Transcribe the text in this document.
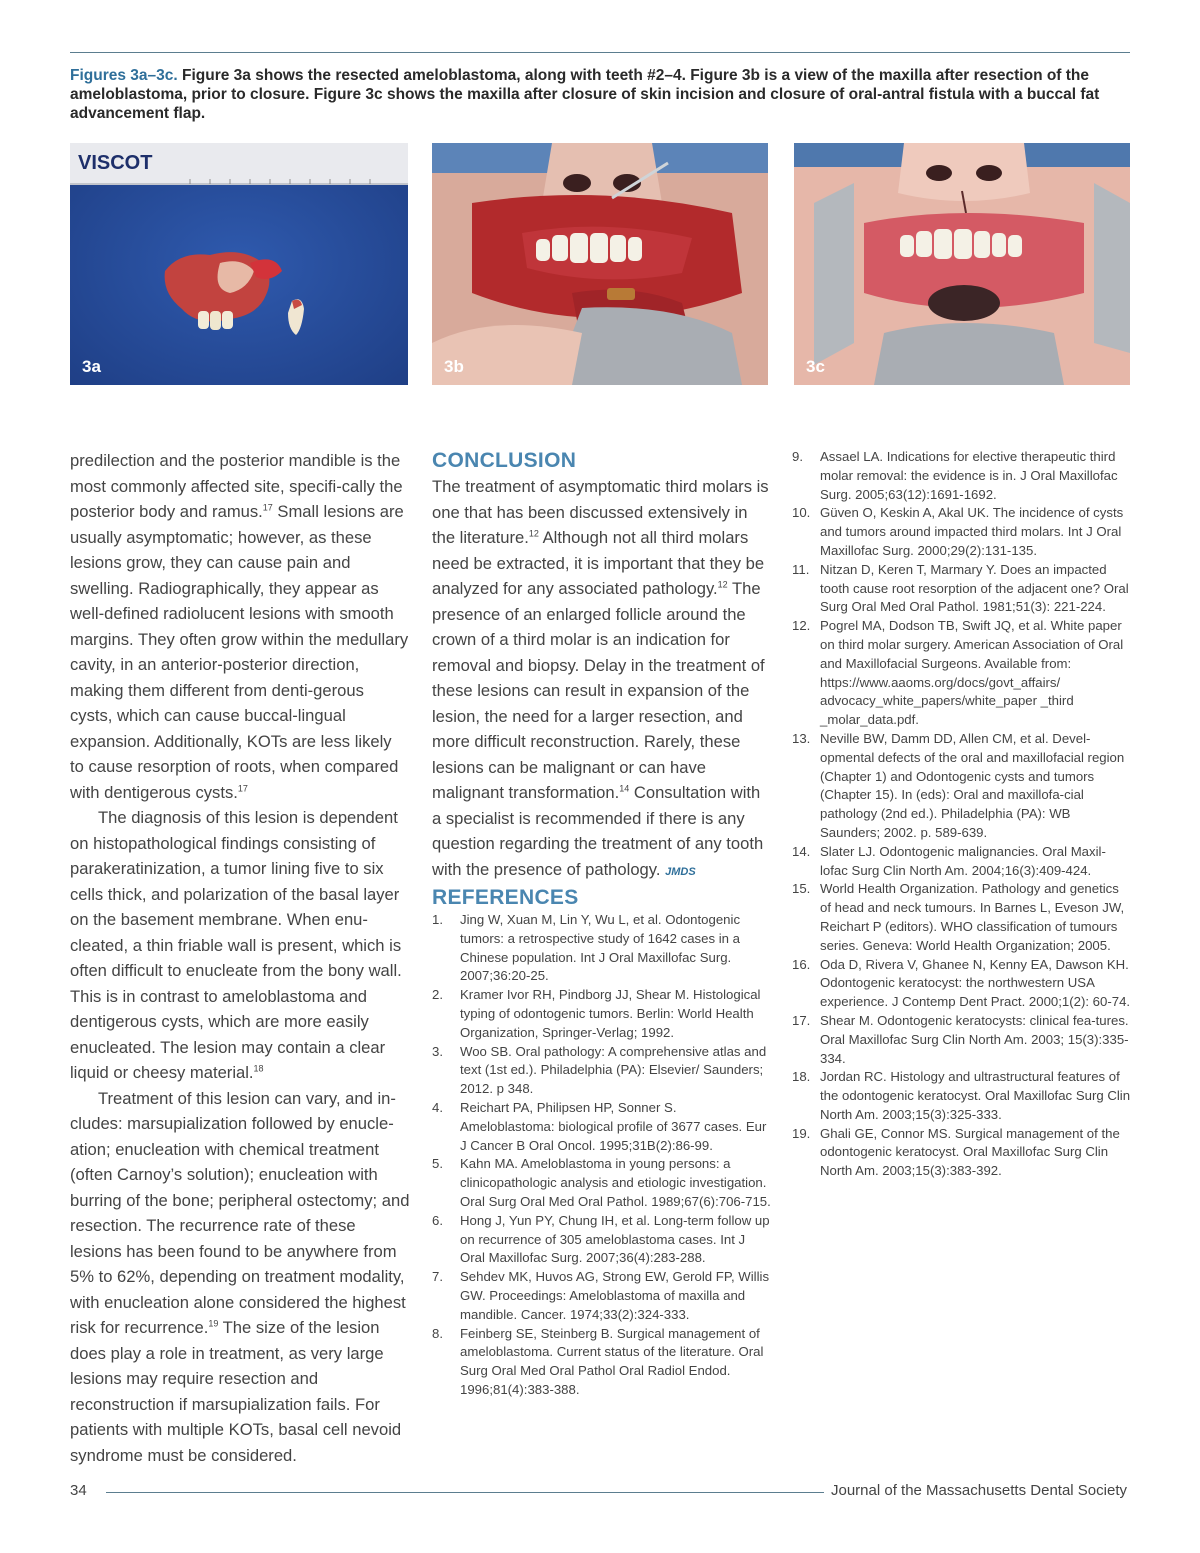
Figures 3a–3c. Figure 3a shows the resected ameloblastoma, along with teeth #2–4. Figure 3b is a view of the maxilla after resection of the ameloblastoma, prior to closure. Figure 3c shows the maxilla after closure of skin incision and closure of oral-antral fistula with a buccal fat advancement flap.
VISCOT
3a	3b	3c

predilection and the posterior mandible is the most commonly affected site, specifi-cally the posterior body and ramus.$^{17}$ Small lesions are usually asymptomatic; however, as these lesions grow, they can cause pain and swelling. Radiographically, they appear as well-defined radiolucent lesions with smooth margins. They often grow within the medullary cavity, in an anterior-posterior direction, making them different from denti-gerous cysts, which can cause buccal-lingual expansion. Additionally, KOTs are less likely to cause resorption of roots, when compared with dentigerous cysts.$^{17}$

The diagnosis of this lesion is dependent on histopathological findings consisting of parakeratinization, a tumor lining five to six cells thick, and polarization of the basal layer on the basement membrane. When enu-cleated, a thin friable wall is present, which is often difficult to enucleate from the bony wall. This is in contrast to ameloblastoma and dentigerous cysts, which are more easily enucleated. The lesion may contain a clear liquid or cheesy material.$^{18}$

Treatment of this lesion can vary, and in-cludes: marsupialization followed by enucle-ation; enucleation with chemical treatment (often Carnoy’s solution); enucleation with burring of the bone; peripheral ostectomy; and resection. The recurrence rate of these lesions has been found to be anywhere from 5% to 62%, depending on treatment modality, with enucleation alone considered the highest risk for recurrence.$^{19}$ The size of the lesion does play a role in treatment, as very large lesions may require resection and reconstruction if marsupialization fails. For patients with multiple KOTs, basal cell nevoid syndrome must be considered.

CONCLUSION

The treatment of asymptomatic third molars is one that has been discussed extensively in the literature.$^{12}$ Although not all third molars need be extracted, it is important that they be analyzed for any associated pathology.$^{12}$ The presence of an enlarged follicle around the crown of a third molar is an indication for removal and biopsy. Delay in the treatment of these lesions can result in expansion of the lesion, the need for a larger resection, and more difficult reconstruction. Rarely, these lesions can be malignant or can have malignant transformation.$^{14}$ Consultation with a specialist is recommended if there is any question regarding the treatment of any tooth with the presence of pathology. JMDS

REFERENCES
1. Jing W, Xuan M, Lin Y, Wu L, et al. Odontogenic tumors: a retrospective study of 1642 cases in a Chinese population. Int J Oral Maxillofac Surg. 2007;36:20-25.
2. Kramer Ivor RH, Pindborg JJ, Shear M. Histological typing of odontogenic tumors. Berlin: World Health Organization, Springer-Verlag; 1992.
3. Woo SB. Oral pathology: A comprehensive atlas and text (1st ed.). Philadelphia (PA): Elsevier/ Saunders; 2012. p 348.
4. Reichart PA, Philipsen HP, Sonner S. Ameloblastoma: biological profile of 3677 cases. Eur J Cancer B Oral Oncol. 1995;31B(2):86-99.
5. Kahn MA. Ameloblastoma in young persons: a clinicopathologic analysis and etiologic investigation. Oral Surg Oral Med Oral Pathol. 1989;67(6):706-715.
6. Hong J, Yun PY, Chung IH, et al. Long-term follow up on recurrence of 305 ameloblastoma cases. Int J Oral Maxillofac Surg. 2007;36(4):283-288.
7. Sehdev MK, Huvos AG, Strong EW, Gerold FP, Willis GW. Proceedings: Ameloblastoma of maxilla and mandible. Cancer. 1974;33(2):324-333.
8. Feinberg SE, Steinberg B. Surgical management of ameloblastoma. Current status of the literature. Oral Surg Oral Med Oral Pathol Oral Radiol Endod. 1996;81(4):383-388.
9. Assael LA. Indications for elective therapeutic third molar removal: the evidence is in. J Oral Maxillofac Surg. 2005;63(12):1691-1692.
10. Güven O, Keskin A, Akal UK. The incidence of cysts and tumors around impacted third molars. Int J Oral Maxillofac Surg. 2000;29(2):131-135.
11. Nitzan D, Keren T, Marmary Y. Does an impacted tooth cause root resorption of the adjacent one? Oral Surg Oral Med Oral Pathol. 1981;51(3): 221-224.
12. Pogrel MA, Dodson TB, Swift JQ, et al. White paper on third molar surgery. American Association of Oral and Maxillofacial Surgeons. Available from: https://www.aaoms.org/docs/govt_affairs/ advocacy_white_papers/white_paper _third _molar_data.pdf.
13. Neville BW, Damm DD, Allen CM, et al. Devel-opmental defects of the oral and maxillofacial region (Chapter 1) and Odontogenic cysts and tumors (Chapter 15). In (eds): Oral and maxillofa-cial pathology (2nd ed.). Philadelphia (PA): WB Saunders; 2002. p. 589-639.
14. Slater LJ. Odontogenic malignancies. Oral Maxil-lofac Surg Clin North Am. 2004;16(3):409-424.
15. World Health Organization. Pathology and genetics of head and neck tumours. In Barnes L, Eveson JW, Reichart P (editors). WHO classification of tumours series. Geneva: World Health Organization; 2005.
16. Oda D, Rivera V, Ghanee N, Kenny EA, Dawson KH. Odontogenic keratocyst: the northwestern USA experience. J Contemp Dent Pract. 2000;1(2): 60-74.
17. Shear M. Odontogenic keratocysts: clinical fea-tures. Oral Maxillofac Surg Clin North Am. 2003; 15(3):335-334.
18. Jordan RC. Histology and ultrastructural features of the odontogenic keratocyst. Oral Maxillofac Surg Clin North Am. 2003;15(3):325-333.
19. Ghali GE, Connor MS. Surgical management of the odontogenic keratocyst. Oral Maxillofac Surg Clin North Am. 2003;15(3):383-392.
34	Journal of the Massachusetts Dental Society
